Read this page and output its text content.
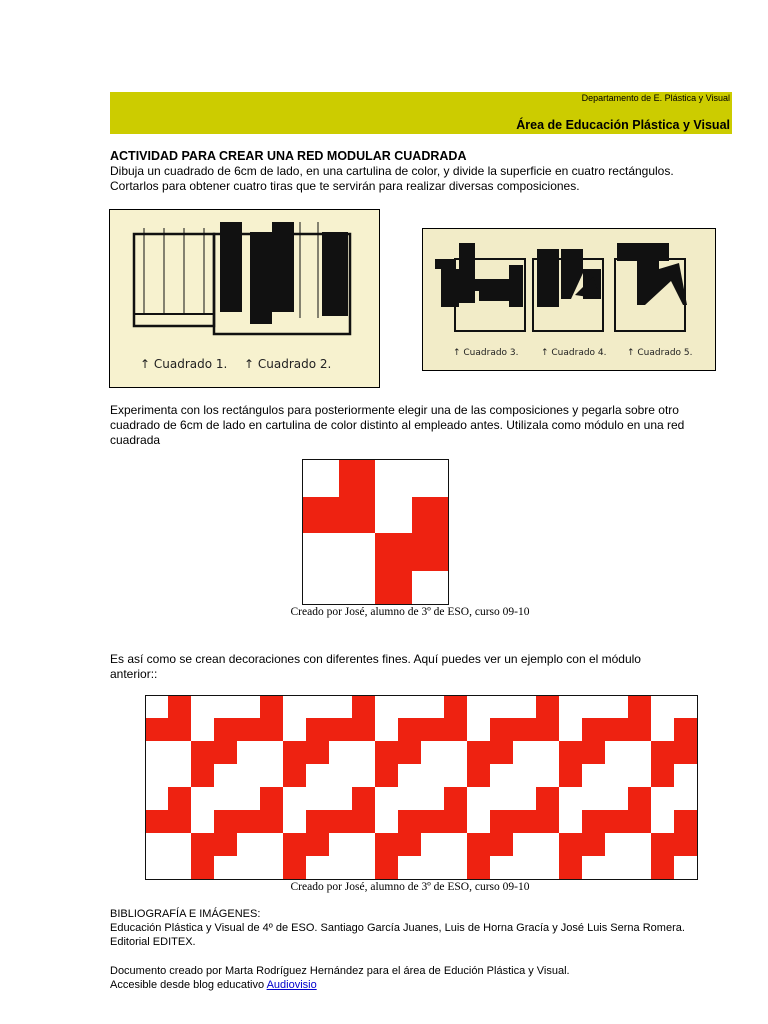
Departamento de E. Plástica y Visual
Área de Educación Plástica y Visual
ACTIVIDAD PARA CREAR UNA RED MODULAR CUADRADA
Dibuja un cuadrado de 6cm de lado, en una cartulina de color, y divide la superficie en cuatro rectángulos.
Cortarlos para obtener cuatro tiras que te servirán para realizar diversas composiciones.
↑ Cuadrado 1. ↑ Cuadrado 2.
↑ Cuadrado 3. ↑ Cuadrado 4. ↑ Cuadrado 5.
Experimenta con los rectángulos para posteriormente elegir una de las composiciones y pegarla sobre otro
cuadrado de 6cm de lado en cartulina de color distinto al empleado antes. Utilizala como módulo en una red
cuadrada
Creado por José, alumno de 3º de ESO, curso 09-10
Es así como se crean decoraciones con diferentes fines. Aquí puedes ver un ejemplo con el módulo
anterior::
Creado por José, alumno de 3º de ESO, curso 09-10
BIBLIOGRAFÍA E IMÁGENES:
Educación Plástica y Visual de 4º de ESO. Santiago García Juanes, Luis de Horna Gracía y José Luis Serna Romera.
Editorial EDITEX.
Documento creado por Marta Rodríguez Hernández para el área de Edución Plástica y Visual.
Accesible desde blog educativo Audiovisio
